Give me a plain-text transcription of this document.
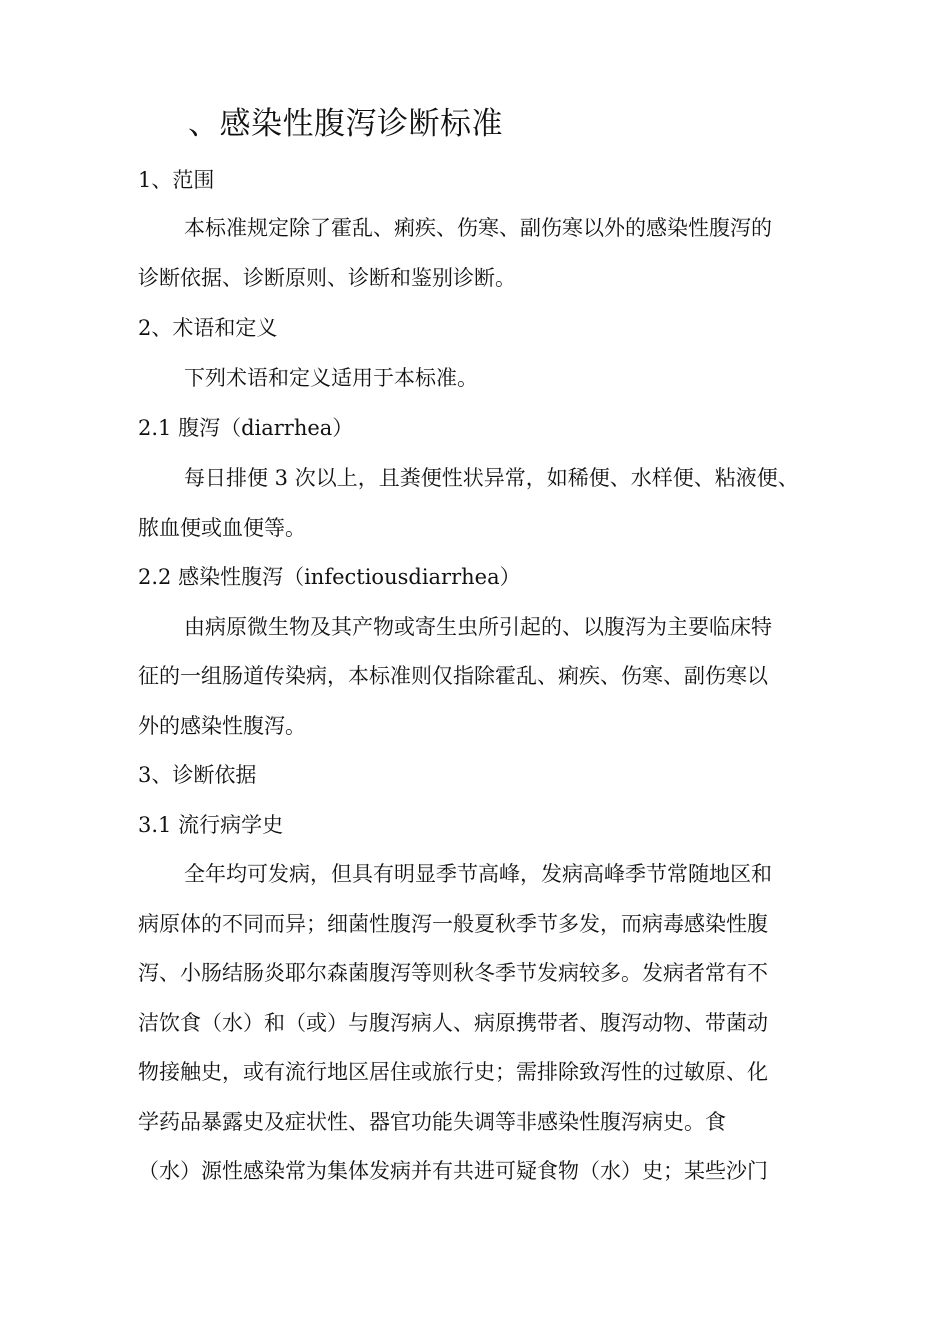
、感染性腹泻诊断标准
1、范围
本标准规定除了霍乱、痢疾、伤寒、副伤寒以外的感染性腹泻的
诊断依据、诊断原则、诊断和鉴别诊断。
2、术语和定义
下列术语和定义适用于本标准。
2.1 腹泻（diarrhea）
每日排便 3 次以上，且粪便性状异常，如稀便、水样便、粘液便、
脓血便或血便等。
2.2 感染性腹泻（infectiousdiarrhea）
由病原微生物及其产物或寄生虫所引起的、以腹泻为主要临床特
征的一组肠道传染病，本标准则仅指除霍乱、痢疾、伤寒、副伤寒以
外的感染性腹泻。
3、诊断依据
3.1 流行病学史
全年均可发病，但具有明显季节高峰，发病高峰季节常随地区和
病原体的不同而异；细菌性腹泻一般夏秋季节多发，而病毒感染性腹
泻、小肠结肠炎耶尔森菌腹泻等则秋冬季节发病较多。发病者常有不
洁饮食（水）和（或）与腹泻病人、病原携带者、腹泻动物、带菌动
物接触史，或有流行地区居住或旅行史；需排除致泻性的过敏原、化
学药品暴露史及症状性、器官功能失调等非感染性腹泻病史。食
（水）源性感染常为集体发病并有共进可疑食物（水）史；某些沙门
